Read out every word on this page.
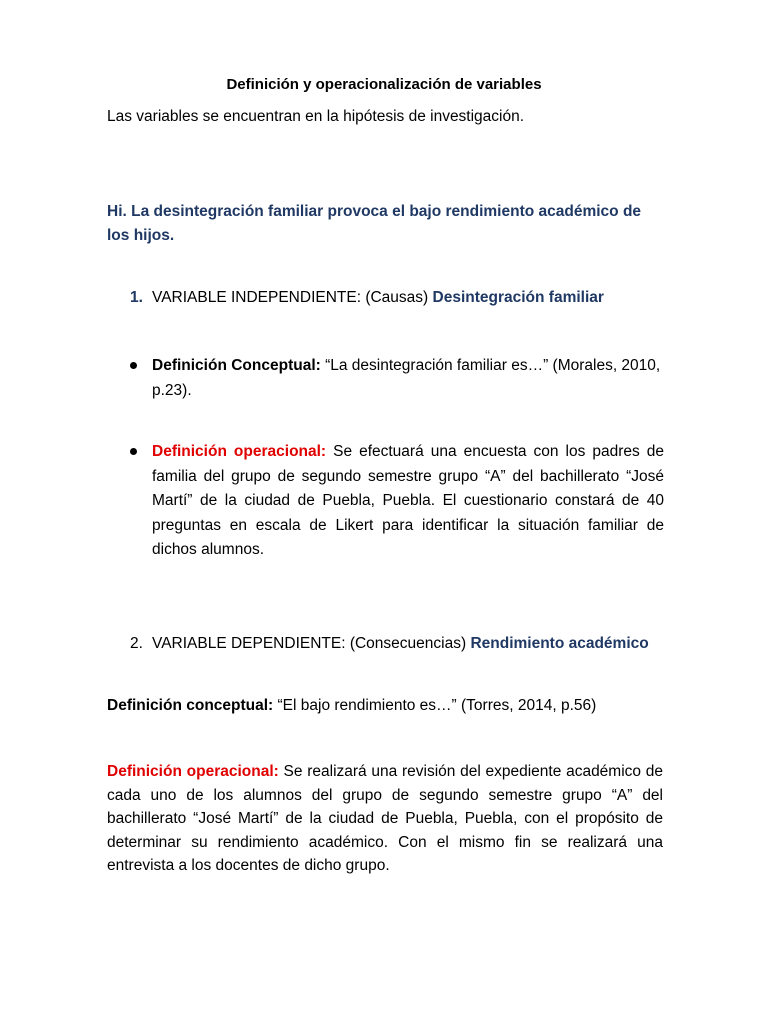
Definición y operacionalización de variables

Las variables se encuentran en la hipótesis de investigación.

Hi. La desintegración familiar provoca el bajo rendimiento académico de los hijos.

1. VARIABLE INDEPENDIENTE: (Causas) Desintegración familiar

Definición Conceptual: “La desintegración familiar es…” (Morales, 2010, p.23).

Definición operacional: Se efectuará una encuesta con los padres de familia del grupo de segundo semestre grupo “A” del bachillerato “José Martí” de la ciudad de Puebla, Puebla. El cuestionario constará de 40 preguntas en escala de Likert para identificar la situación familiar de dichos alumnos.

2. VARIABLE DEPENDIENTE: (Consecuencias) Rendimiento académico

Definición conceptual: “El bajo rendimiento es…” (Torres, 2014, p.56)

Definición operacional: Se realizará una revisión del expediente académico de cada uno de los alumnos del grupo de segundo semestre grupo “A” del bachillerato “José Martí” de la ciudad de Puebla, Puebla, con el propósito de determinar su rendimiento académico. Con el mismo fin se realizará una entrevista a los docentes de dicho grupo.
